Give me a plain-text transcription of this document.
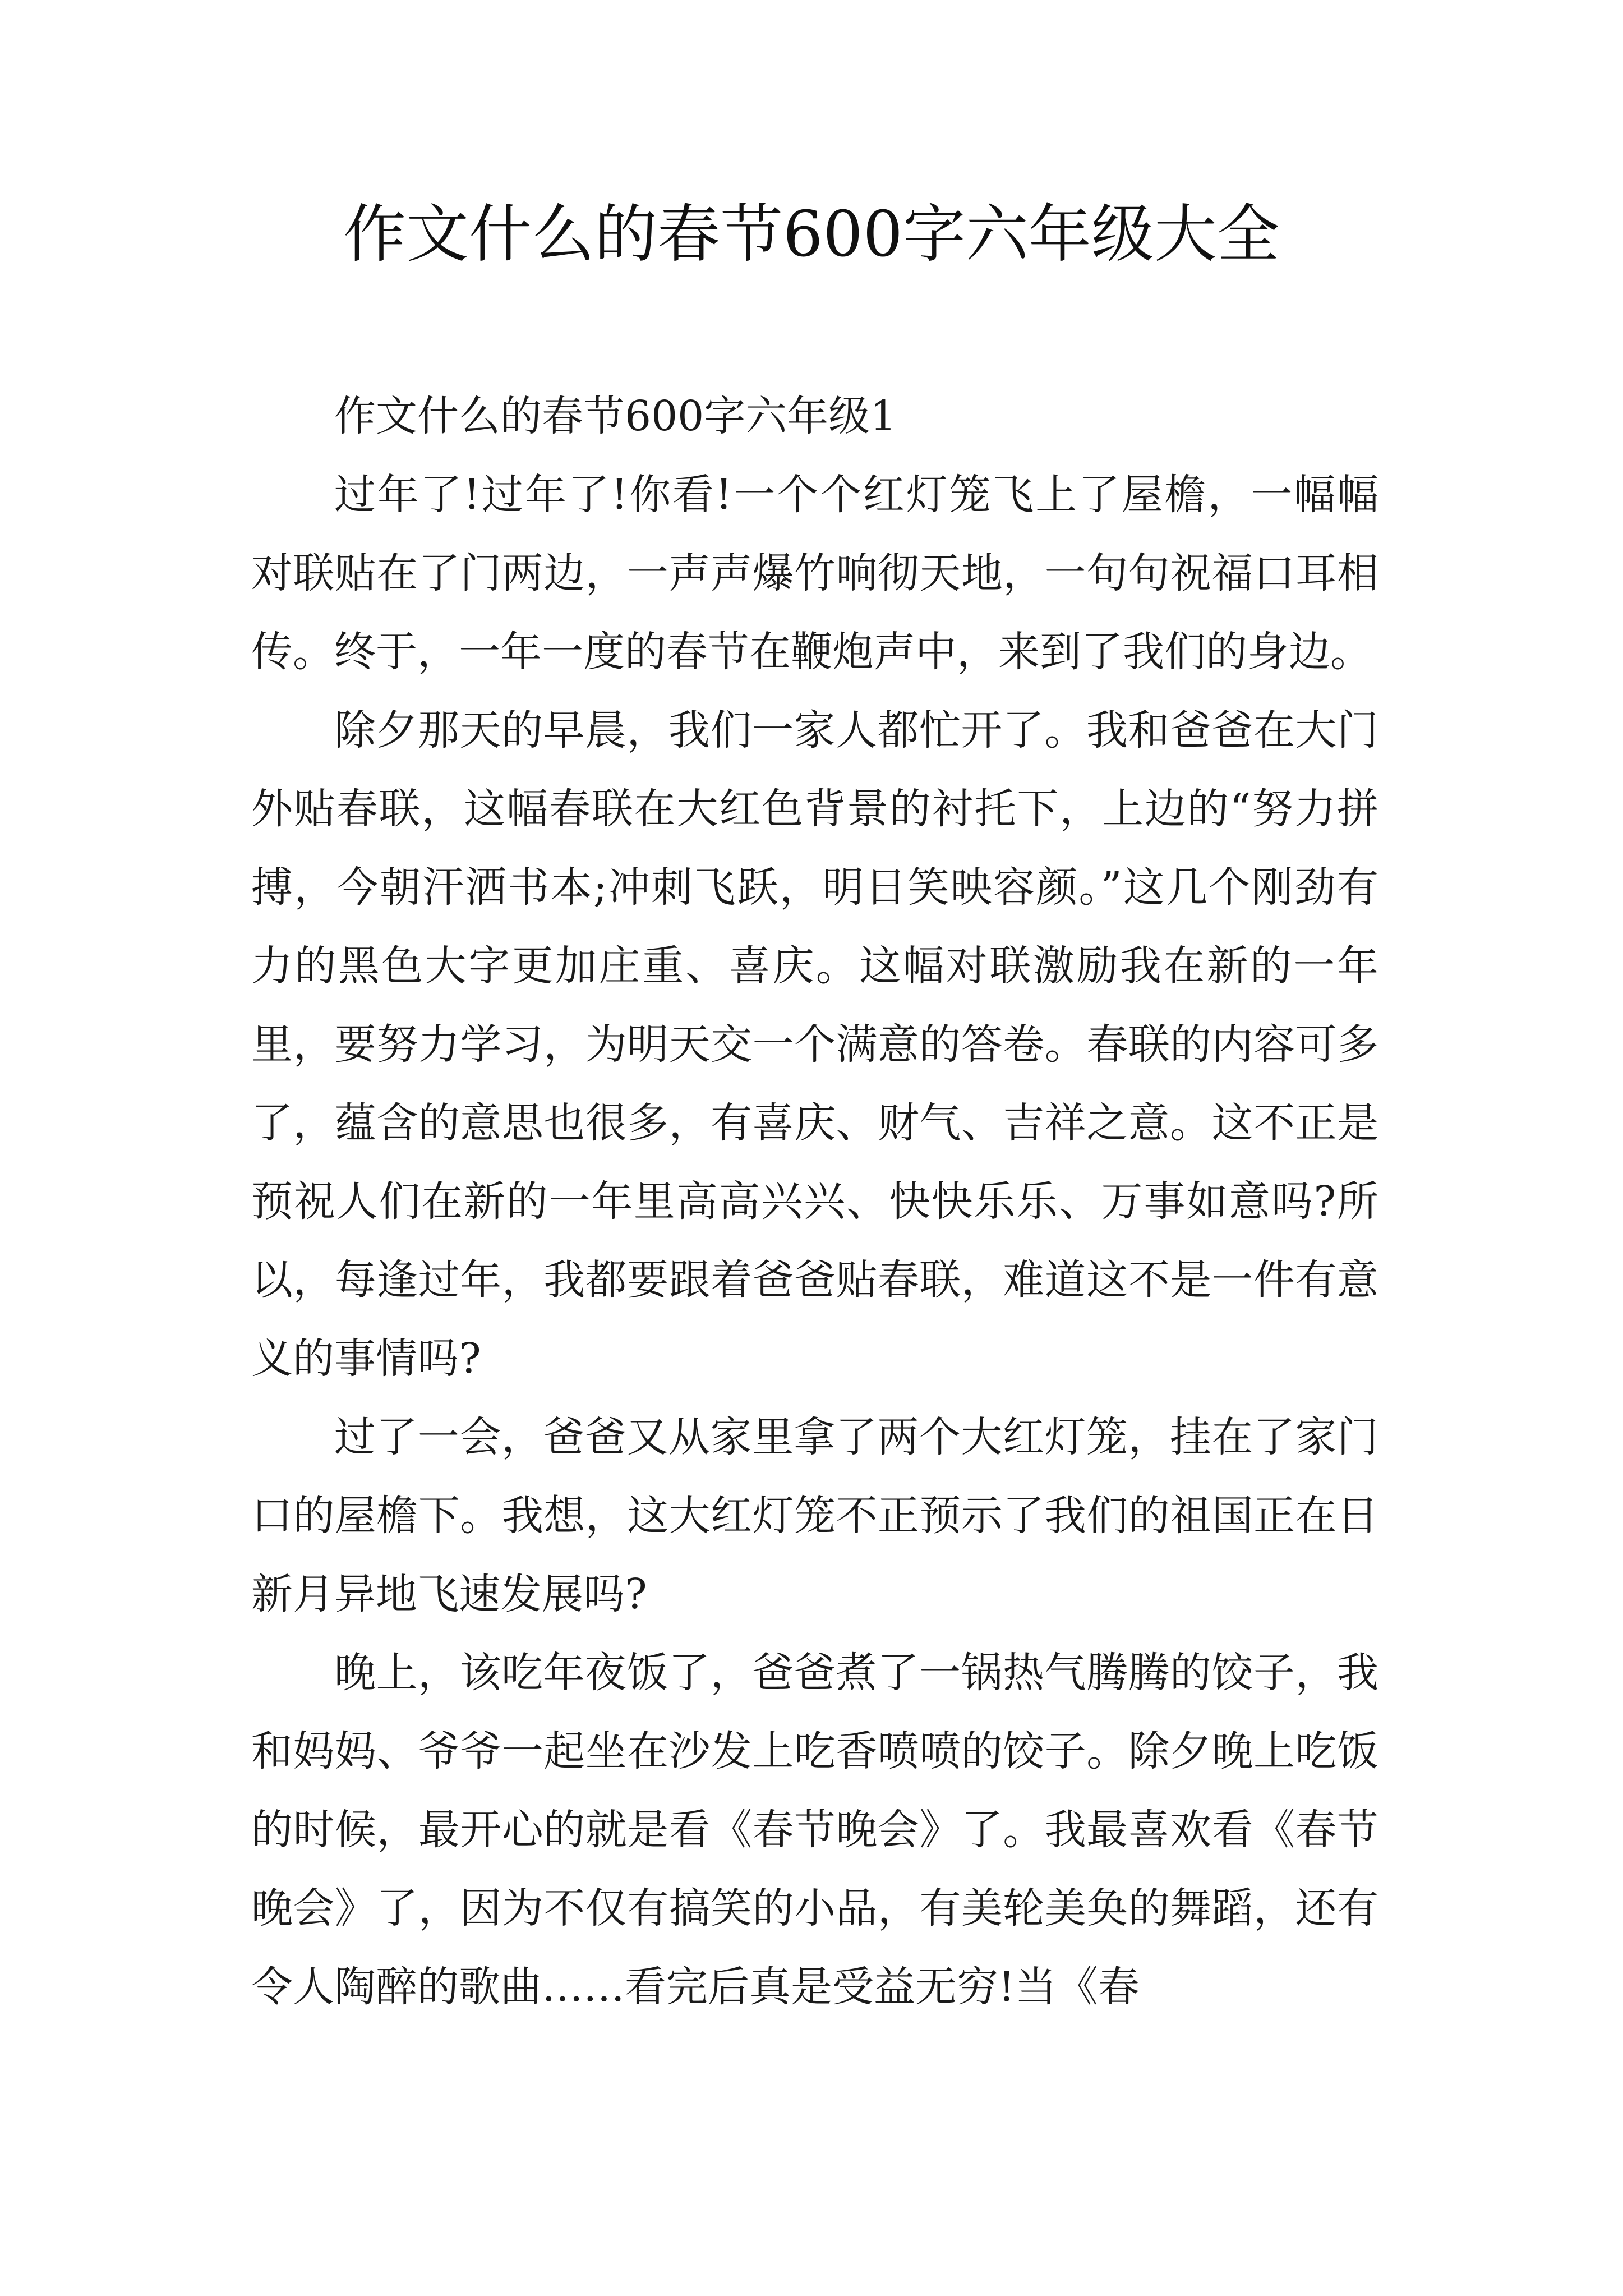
作文什么的春节600字六年级大全

作文什么的春节600字六年级1

过年了!过年了!你看!一个个红灯笼飞上了屋檐，一幅幅对联贴在了门两边，一声声爆竹响彻天地，一句句祝福口耳相传。终于，一年一度的春节在鞭炮声中，来到了我们的身边。

除夕那天的早晨，我们一家人都忙开了。我和爸爸在大门外贴春联，这幅春联在大红色背景的衬托下，上边的“努力拼搏，今朝汗洒书本;冲刺飞跃，明日笑映容颜。”这几个刚劲有力的黑色大字更加庄重、喜庆。这幅对联激励我在新的一年里，要努力学习，为明天交一个满意的答卷。春联的内容可多了，蕴含的意思也很多，有喜庆、财气、吉祥之意。这不正是预祝人们在新的一年里高高兴兴、快快乐乐、万事如意吗?所以，每逢过年，我都要跟着爸爸贴春联，难道这不是一件有意义的事情吗?

过了一会，爸爸又从家里拿了两个大红灯笼，挂在了家门口的屋檐下。我想，这大红灯笼不正预示了我们的祖国正在日新月异地飞速发展吗?

晚上，该吃年夜饭了，爸爸煮了一锅热气腾腾的饺子，我和妈妈、爷爷一起坐在沙发上吃香喷喷的饺子。除夕晚上吃饭的时候，最开心的就是看《春节晚会》了。我最喜欢看《春节晚会》了，因为不仅有搞笑的小品，有美轮美奂的舞蹈，还有令人陶醉的歌曲……看完后真是受益无穷!当《春
